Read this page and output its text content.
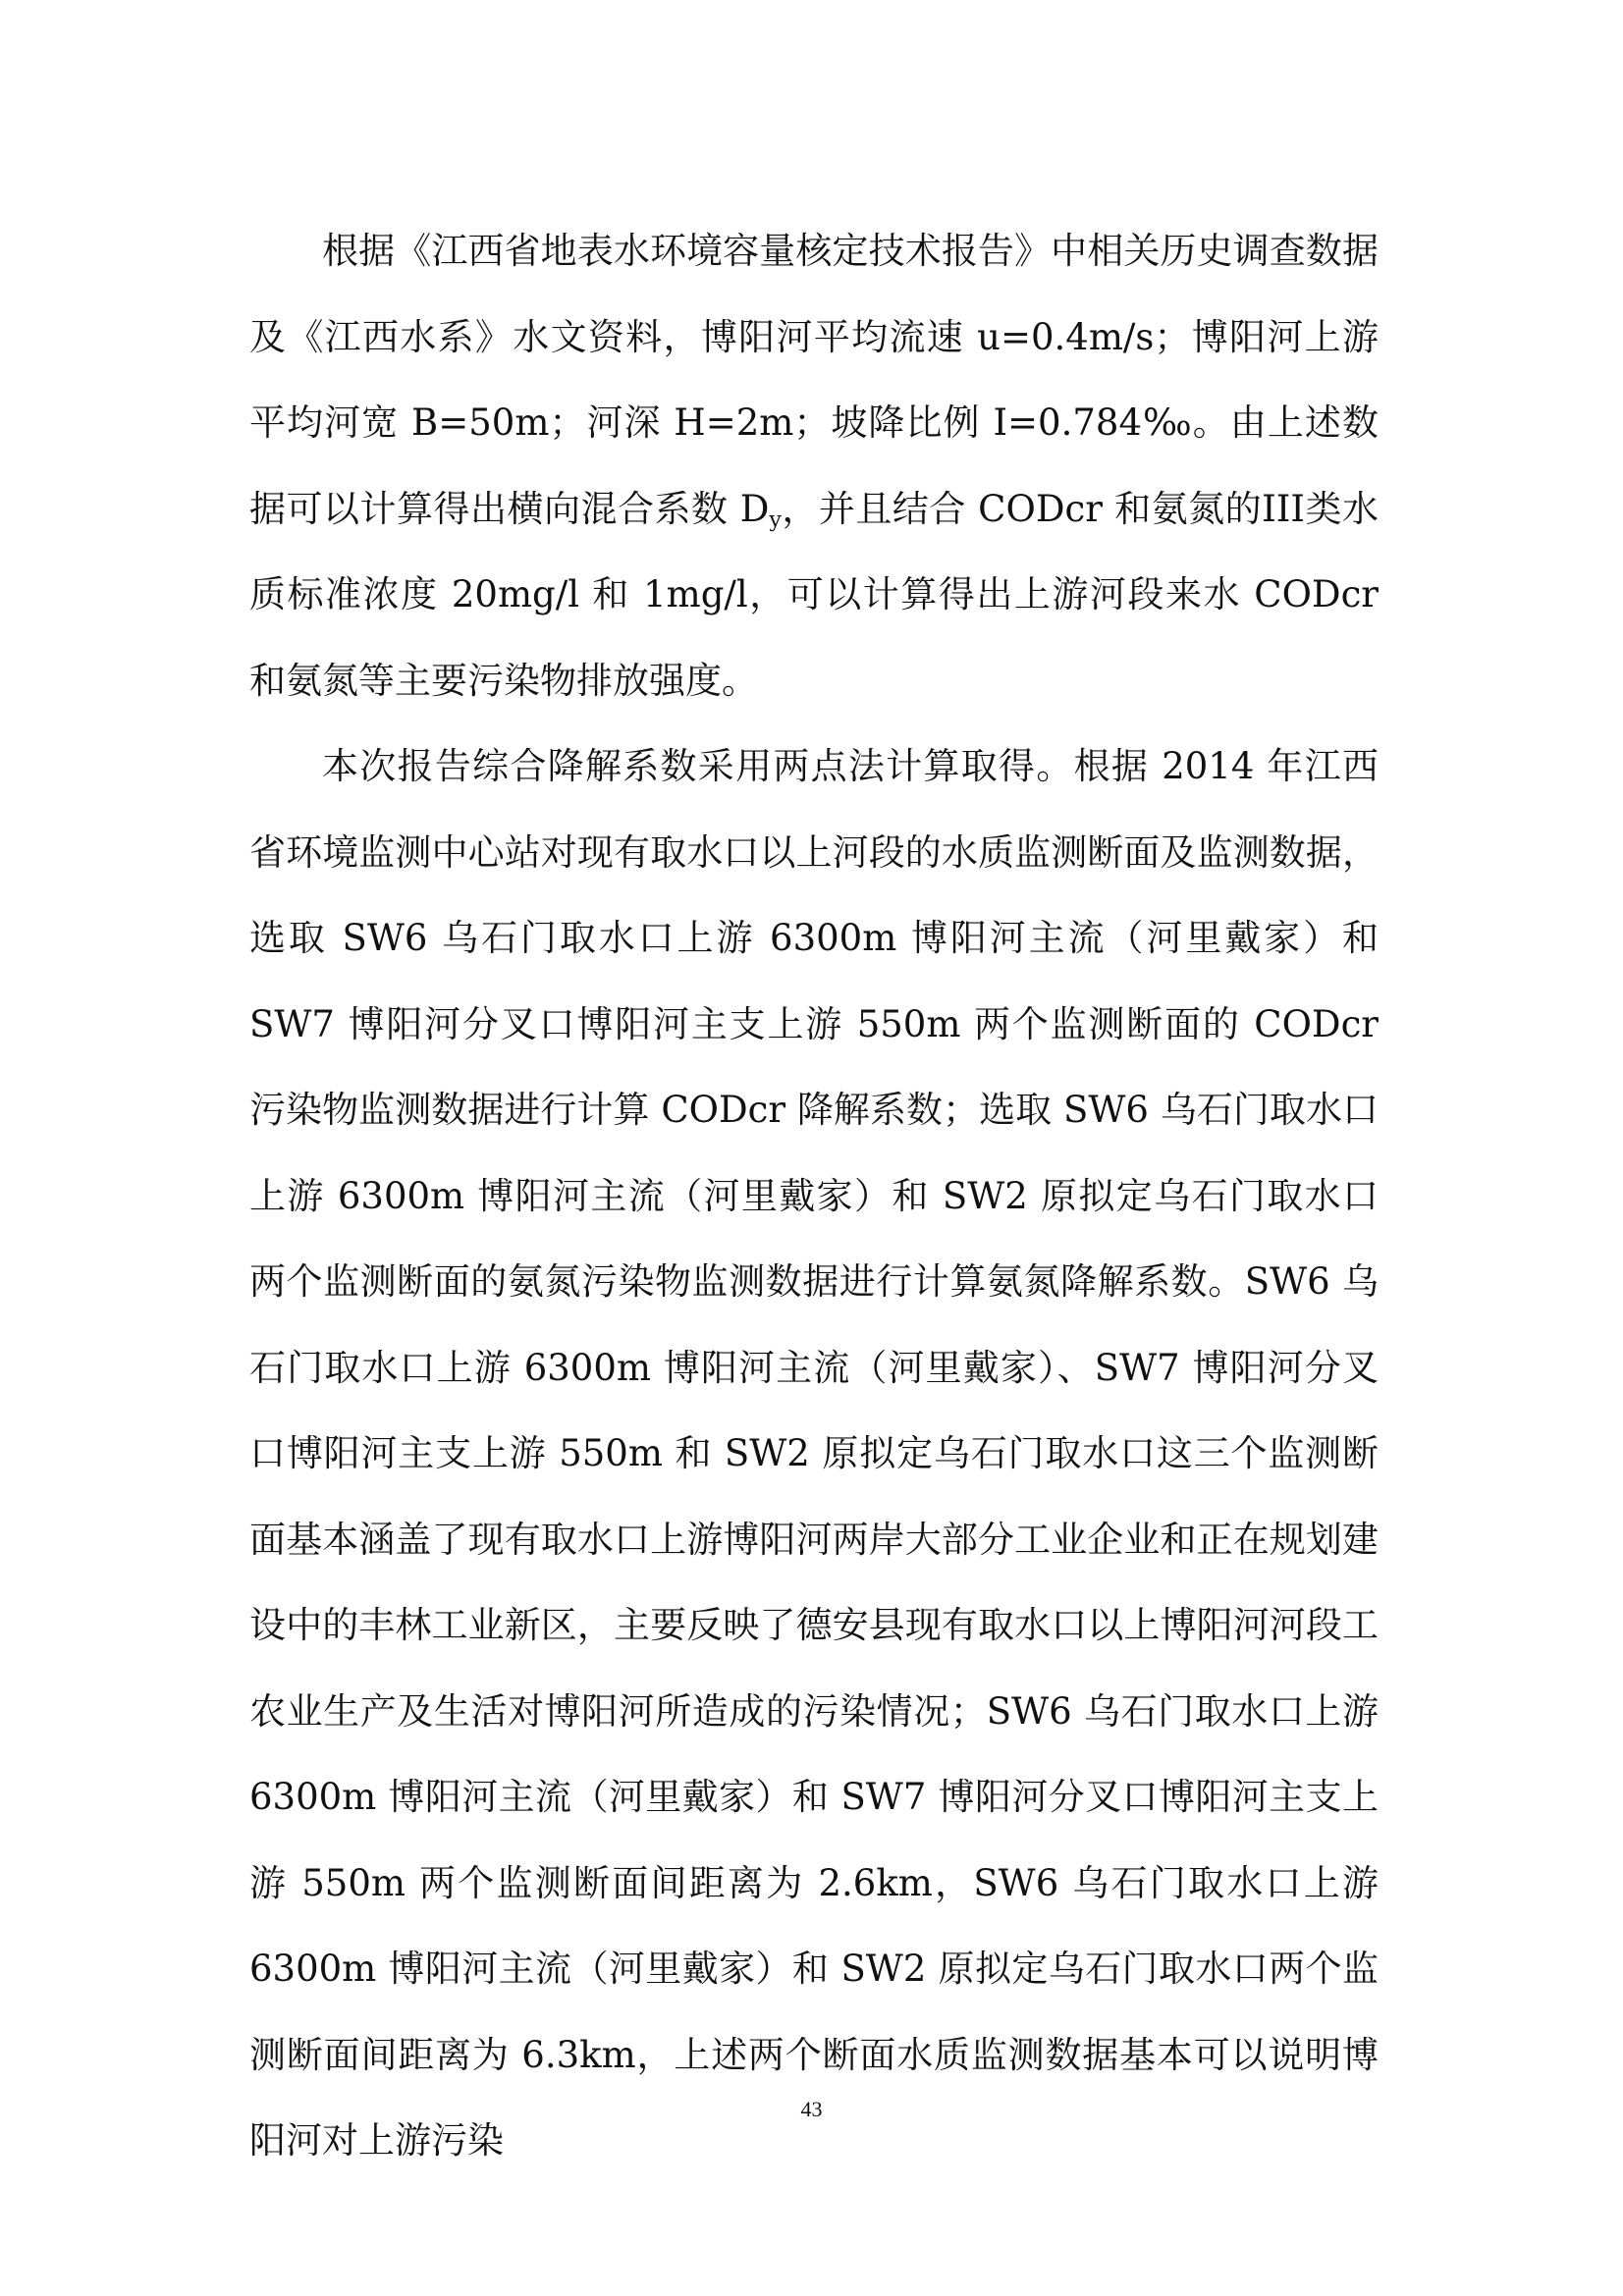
根据《江西省地表水环境容量核定技术报告》中相关历史调查数据及《江西水系》水文资料，博阳河平均流速 u=0.4m/s；博阳河上游平均河宽 B=50m；河深 H=2m；坡降比例 I=0.784‰。由上述数据可以计算得出横向混合系数 $D_y$，并且结合 CODcr 和氨氮的III类水质标准浓度 20mg/l 和 1mg/l，可以计算得出上游河段来水 CODcr 和氨氮等主要污染物排放强度。

本次报告综合降解系数采用两点法计算取得。根据 2014 年江西省环境监测中心站对现有取水口以上河段的水质监测断面及监测数据，选取 SW6 乌石门取水口上游 6300m 博阳河主流（河里戴家）和 SW7 博阳河分叉口博阳河主支上游 550m 两个监测断面的 CODcr 污染物监测数据进行计算 CODcr 降解系数；选取 SW6 乌石门取水口上游 6300m 博阳河主流（河里戴家）和 SW2 原拟定乌石门取水口两个监测断面的氨氮污染物监测数据进行计算氨氮降解系数。SW6 乌石门取水口上游 6300m 博阳河主流（河里戴家）、SW7 博阳河分叉口博阳河主支上游 550m 和 SW2 原拟定乌石门取水口这三个监测断面基本涵盖了现有取水口上游博阳河两岸大部分工业企业和正在规划建设中的丰林工业新区，主要反映了德安县现有取水口以上博阳河河段工农业生产及生活对博阳河所造成的污染情况；SW6 乌石门取水口上游 6300m 博阳河主流（河里戴家）和 SW7 博阳河分叉口博阳河主支上游 550m 两个监测断面间距离为 2.6km，SW6 乌石门取水口上游 6300m 博阳河主流（河里戴家）和 SW2 原拟定乌石门取水口两个监测断面间距离为 6.3km，上述两个断面水质监测数据基本可以说明博阳河对上游污染

43
